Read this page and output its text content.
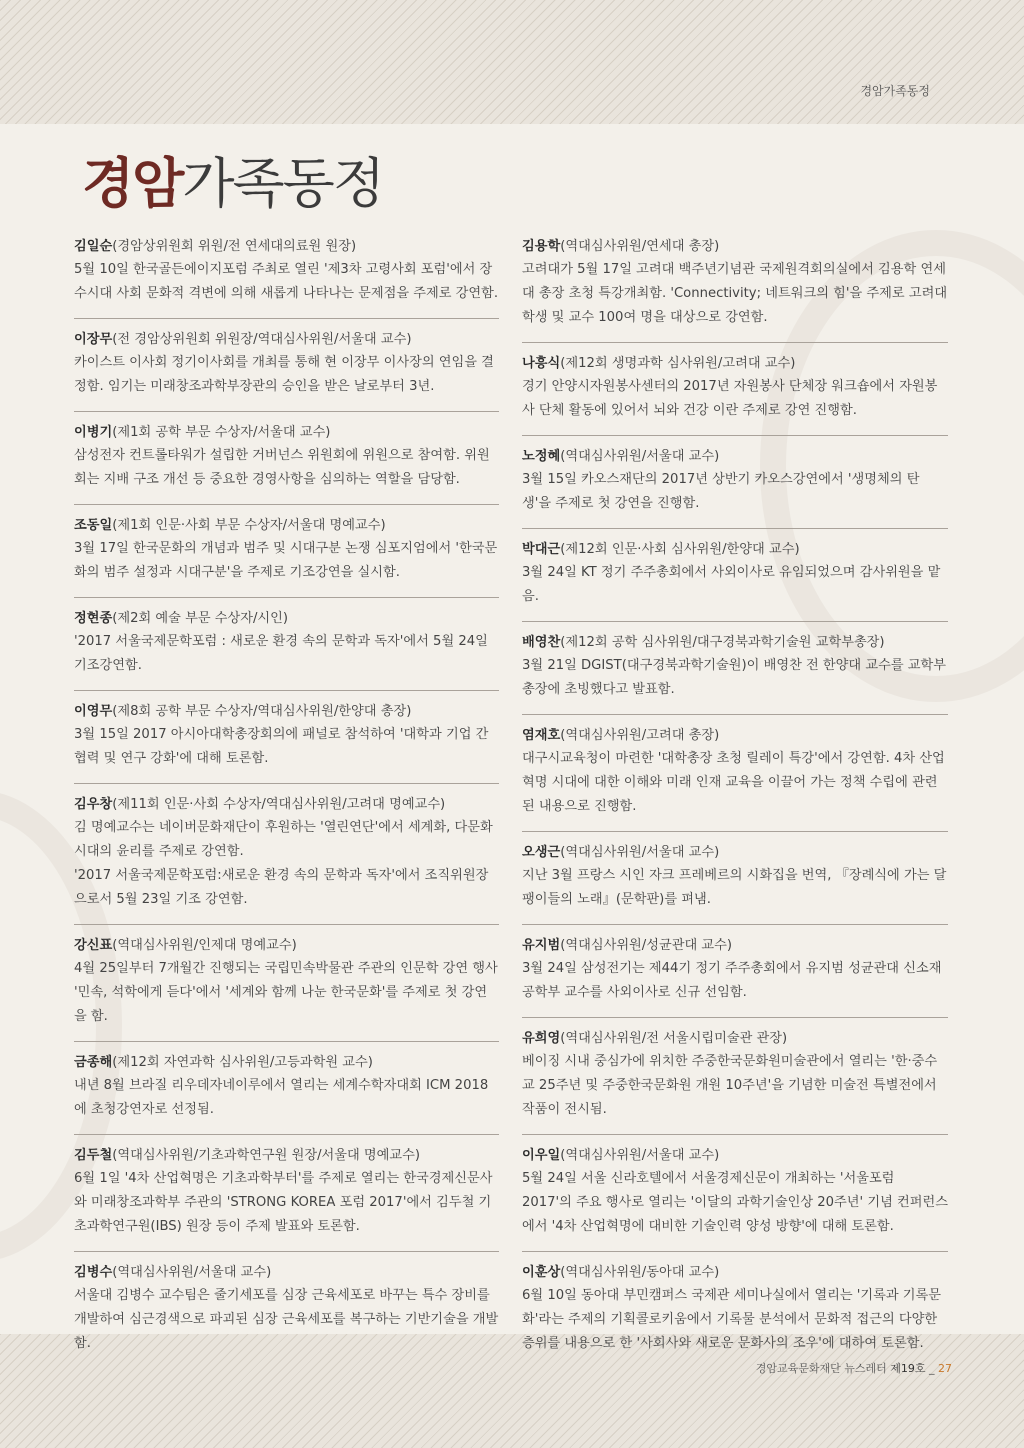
경암가족동정
경암가족동정
김일순(경암상위원회 위원/전 연세대의료원 원장)
5월 10일 한국골든에이지포럼 주최로 열린 '제3차 고령사회 포럼'에서 장수시대 사회 문화적 격변에 의해 새롭게 나타나는 문제점을 주제로 강연함.
이장무(전 경암상위원회 위원장/역대심사위원/서울대 교수)
카이스트 이사회 정기이사회를 개최를 통해 현 이장무 이사장의 연임을 결정함. 임기는 미래창조과학부장관의 승인을 받은 날로부터 3년.
이병기(제1회 공학 부문 수상자/서울대 교수)
삼성전자 컨트롤타워가 설립한 거버넌스 위원회에 위원으로 참여함. 위원회는 지배 구조 개선 등 중요한 경영사항을 심의하는 역할을 담당함.
조동일(제1회 인문·사회 부문 수상자/서울대 명예교수)
3월 17일 한국문화의 개념과 범주 및 시대구분 논쟁 심포지엄에서 '한국문화의 범주 설정과 시대구분'을 주제로 기조강연을 실시함.
정현종(제2회 예술 부문 수상자/시인)
'2017 서울국제문학포럼 : 새로운 환경 속의 문학과 독자'에서 5월 24일 기조강연함.
이영무(제8회 공학 부문 수상자/역대심사위원/한양대 총장)
3월 15일 2017 아시아대학총장회의에 패널로 참석하여 '대학과 기업 간 협력 및 연구 강화'에 대해 토론함.
김우창(제11회 인문·사회 수상자/역대심사위원/고려대 명예교수)
김 명예교수는 네이버문화재단이 후원하는 '열린연단'에서 세계화, 다문화 시대의 윤리를 주제로 강연함.
'2017 서울국제문학포럼:새로운 환경 속의 문학과 독자'에서 조직위원장으로서 5월 23일 기조 강연함.
강신표(역대심사위원/인제대 명예교수)
4월 25일부터 7개월간 진행되는 국립민속박물관 주관의 인문학 강연 행사 '민속, 석학에게 듣다'에서 '세계와 함께 나눈 한국문화'를 주제로 첫 강연을 함.
금종해(제12회 자연과학 심사위원/고등과학원 교수)
내년 8월 브라질 리우데자네이루에서 열리는 세계수학자대회 ICM 2018에 초청강연자로 선정됨.
김두철(역대심사위원/기초과학연구원 원장/서울대 명예교수)
6월 1일 '4차 산업혁명은 기초과학부터'를 주제로 열리는 한국경제신문사와 미래창조과학부 주관의 'STRONG KOREA 포럼 2017'에서 김두철 기초과학연구원(IBS) 원장 등이 주제 발표와 토론함.
김병수(역대심사위원/서울대 교수)
서울대 김병수 교수팀은 줄기세포를 심장 근육세포로 바꾸는 특수 장비를 개발하여 심근경색으로 파괴된 심장 근육세포를 복구하는 기반기술을 개발함.
김용학(역대심사위원/연세대 총장)
고려대가 5월 17일 고려대 백주년기념관 국제원격회의실에서 김용학 연세대 총장 초청 특강개최함. 'Connectivity; 네트워크의 힘'을 주제로 고려대 학생 및 교수 100여 명을 대상으로 강연함.
나흥식(제12회 생명과학 심사위원/고려대 교수)
경기 안양시자원봉사센터의 2017년 자원봉사 단체장 워크숍에서 자원봉사 단체 활동에 있어서 뇌와 건강 이란 주제로 강연 진행함.
노정혜(역대심사위원/서울대 교수)
3월 15일 카오스재단의 2017년 상반기 카오스강연에서 '생명체의 탄생'을 주제로 첫 강연을 진행함.
박대근(제12회 인문·사회 심사위원/한양대 교수)
3월 24일 KT 정기 주주총회에서 사외이사로 유임되었으며 감사위원을 맡음.
배영찬(제12회 공학 심사위원/대구경북과학기술원 교학부총장)
3월 21일 DGIST(대구경북과학기술원)이 배영찬 전 한양대 교수를 교학부총장에 초빙했다고 발표함.
염재호(역대심사위원/고려대 총장)
대구시교육청이 마련한 '대학총장 초청 릴레이 특강'에서 강연함. 4차 산업혁명 시대에 대한 이해와 미래 인재 교육을 이끌어 가는 정책 수립에 관련된 내용으로 진행함.
오생근(역대심사위원/서울대 교수)
지난 3월 프랑스 시인 자크 프레베르의 시화집을 번역, 『장례식에 가는 달팽이들의 노래』(문학판)를 펴냄.
유지범(역대심사위원/성균관대 교수)
3월 24일 삼성전기는 제44기 정기 주주총회에서 유지범 성균관대 신소재공학부 교수를 사외이사로 신규 선임함.
유희영(역대심사위원/전 서울시립미술관 관장)
베이징 시내 중심가에 위치한 주중한국문화원미술관에서 열리는 '한·중수교 25주년 및 주중한국문화원 개원 10주년'을 기념한 미술전 특별전에서 작품이 전시됨.
이우일(역대심사위원/서울대 교수)
5월 24일 서울 신라호텔에서 서울경제신문이 개최하는 '서울포럼 2017'의 주요 행사로 열리는 '이달의 과학기술인상 20주년' 기념 컨퍼런스에서 '4차 산업혁명에 대비한 기술인력 양성 방향'에 대해 토론함.
이훈상(역대심사위원/동아대 교수)
6월 10일 동아대 부민캠퍼스 국제관 세미나실에서 열리는 '기록과 기록문화'라는 주제의 기획콜로키움에서 기록물 분석에서 문화적 접근의 다양한 층위를 내용으로 한 '사회사와 새로운 문화사의 조우'에 대하여 토론함.
경암교육문화재단 뉴스레터 제19호 _ 27
